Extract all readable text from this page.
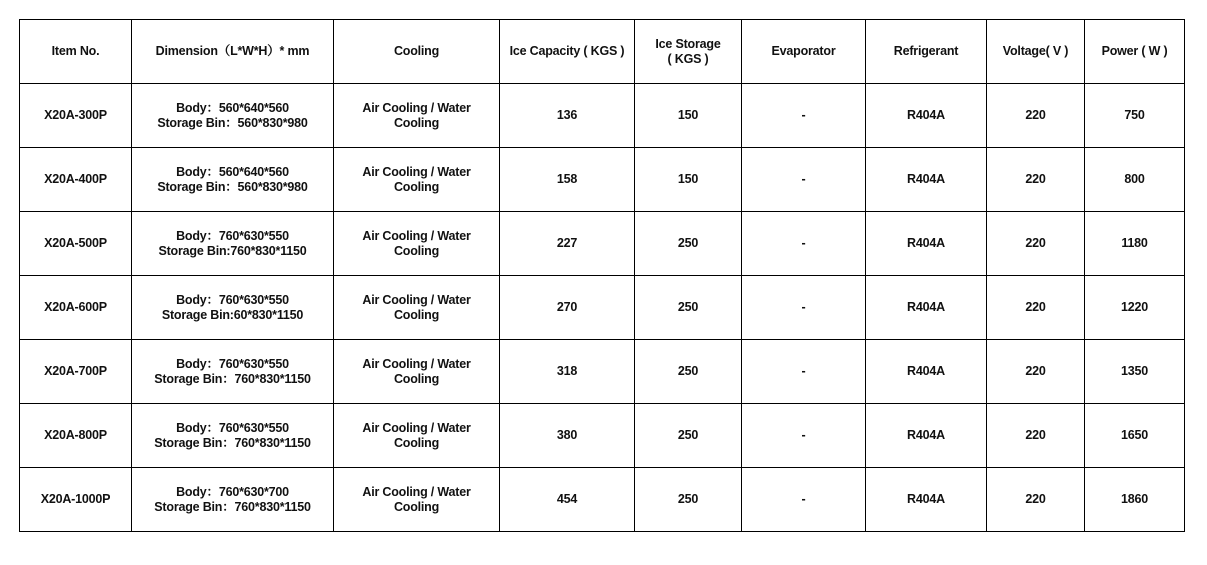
Item No.	Dimension（L*W*H）* mm	Cooling	Ice Capacity ( KGS )	Ice Storage
( KGS )	Evaporator	Refrigerant	Voltage( V )	Power ( W )

X20A-300P	Body：560*640*560
Storage Bin：560*830*980	Air Cooling / Water
Cooling	136	150	-	R404A	220	750

X20A-400P	Body：560*640*560
Storage Bin：560*830*980	Air Cooling / Water
Cooling	158	150	-	R404A	220	800

X20A-500P	Body：760*630*550
Storage Bin:760*830*1150	Air Cooling / Water
Cooling	227	250	-	R404A	220	1180

X20A-600P	Body：760*630*550
Storage Bin:60*830*1150	Air Cooling / Water
Cooling	270	250	-	R404A	220	1220

X20A-700P	Body：760*630*550
Storage Bin：760*830*1150	Air Cooling / Water
Cooling	318	250	-	R404A	220	1350

X20A-800P	Body：760*630*550
Storage Bin：760*830*1150	Air Cooling / Water
Cooling	380	250	-	R404A	220	1650

X20A-1000P	Body：760*630*700
Storage Bin：760*830*1150	Air Cooling / Water
Cooling	454	250	-	R404A	220	1860
